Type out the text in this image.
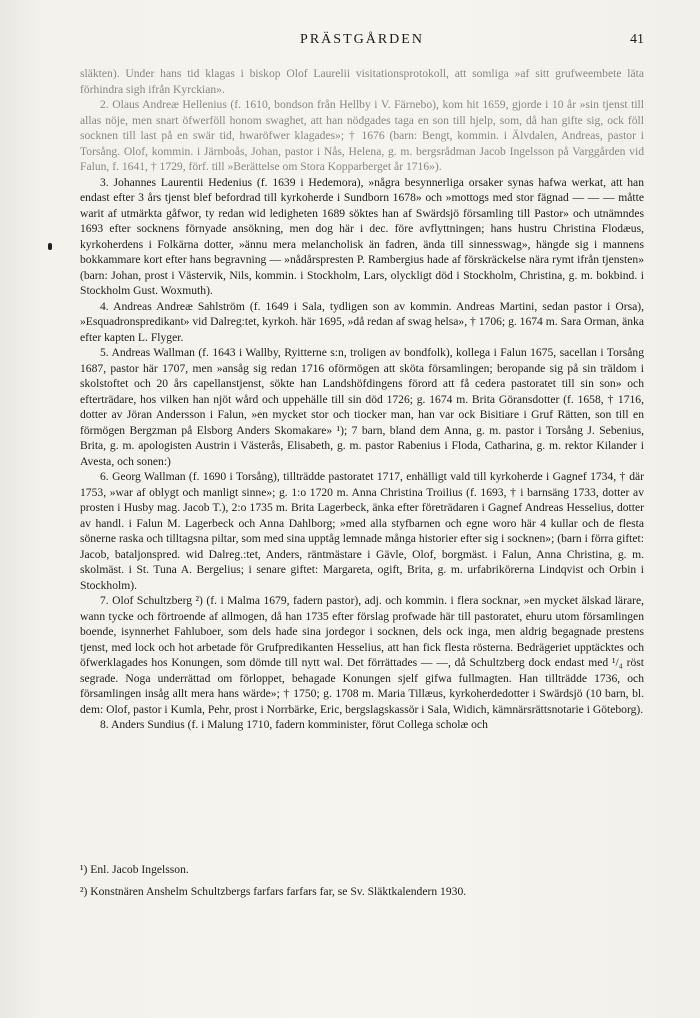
PRÄSTGÅRDEN	41

släkten). Under hans tid klagas i biskop Olof Laurelii visitationsprotokoll, att somliga »af sitt grufweembete läta förhindra sigh ifrån Kyrckian».

2. Olaus Andreæ Hellenius (f. 1610, bondson från Hellby i V. Färnebo), kom hit 1659, gjorde i 10 år »sin tjenst till allas nöje, men snart öfwerföll honom swaghet, att han nödgades taga en son till hjelp, som, då han gifte sig, ock föll socknen till last på en swär tid, hwaröfwer klagades»; † 1676 (barn: Bengt, kommin. i Älvdalen, Andreas, pastor i Torsång. Olof, kommin. i Järnboås, Johan, pastor i Nås, Helena, g. m. bergsrådman Jacob Ingelsson på Varggården vid Falun, f. 1641, † 1729, förf. till »Berättelse om Stora Kopparberget år 1716»).

3. Johannes Laurentii Hedenius (f. 1639 i Hedemora), »några besynnerliga orsaker synas hafwa werkat, att han endast efter 3 års tjenst blef befordrad till kyrkoherde i Sundborn 1678» och »mottogs med stor fägnad — — — måtte warit af utmärkta gåfwor, ty redan wid ledigheten 1689 söktes han af Swärdsjö församling till Pastor» och utnämndes 1693 efter socknens förnyade ansökning, men dog här i dec. före avflyttningen; hans hustru Christina Flodæus, kyrkoherdens i Folkärna dotter, »ännu mera melancholisk än fadren, ända till sinnesswag», hängde sig i mannens bokkammare kort efter hans begravning — »nådårspresten P. Rambergius hade af förskräckelse nära rymt ifrån tjensten» (barn: Johan, prost i Västervik, Nils, kommin. i Stockholm, Lars, olyckligt död i Stockholm, Christina, g. m. bokbind. i Stockholm Gust. Woxmuth).

4. Andreas Andreæ Sahlström (f. 1649 i Sala, tydligen son av kommin. Andreas Martini, sedan pastor i Orsa), »Esquadronspredikant» vid Dalreg:tet, kyrkoh. här 1695, »då redan af swag helsa», † 1706; g. 1674 m. Sara Orman, änka efter kapten L. Flyger.

5. Andreas Wallman (f. 1643 i Wallby, Ryitterne s:n, troligen av bondfolk), kollega i Falun 1675, sacellan i Torsång 1687, pastor här 1707, men »ansåg sig redan 1716 oförmögen att sköta församlingen; beropande sig på sin träldom i skolstoftet och 20 års capellanstjenst, sökte han Landshöfdingens förord att få cedera pastoratet till sin son» och efterträdare, hos vilken han njöt wård och uppehälle till sin död 1726; g. 1674 m. Brita Göransdotter (f. 1658, † 1716, dotter av Jöran Andersson i Falun, »en mycket stor och tiocker man, han var ock Bisitiare i Gruf Rätten, son till en förmögen Bergzman på Elsborg Anders Skomakare» ¹); 7 barn, bland dem Anna, g. m. pastor i Torsång J. Sebenius, Brita, g. m. apologisten Austrin i Västerås, Elisabeth, g. m. pastor Rabenius i Floda, Catharina, g. m. rektor Kilander i Avesta, och sonen:)

6. Georg Wallman (f. 1690 i Torsång), tillträdde pastoratet 1717, enhälligt vald till kyrkoherde i Gagnef 1734, † där 1753, »war af oblygt och manligt sinne»; g. 1:o 1720 m. Anna Christina Troilius (f. 1693, † i barnsäng 1733, dotter av prosten i Husby mag. Jacob T.), 2:o 1735 m. Brita Lagerbeck, änka efter företrädaren i Gagnef Andreas Hesselius, dotter av handl. i Falun M. Lagerbeck och Anna Dahlborg; »med alla styfbarnen och egne woro här 4 kullar och de flesta sönerne raska och tilltagsna piltar, som med sina upptåg lemnade många historier efter sig i socknen»; (barn i förra giftet: Jacob, bataljonspred. wid Dalreg.:tet, Anders, räntmästare i Gävle, Olof, borgmäst. i Falun, Anna Christina, g. m. skolmäst. i St. Tuna A. Bergelius; i senare giftet: Margareta, ogift, Brita, g. m. urfabrikörerna Lindqvist och Orbin i Stockholm).

7. Olof Schultzberg ²) (f. i Malma 1679, fadern pastor), adj. och kommin. i flera socknar, »en mycket älskad lärare, wann tycke och förtroende af allmogen, då han 1735 efter förslag profwade här till pastoratet, ehuru utom församlingen boende, isynnerhet Fahluboer, som dels hade sina jordegor i socknen, dels ock inga, men aldrig begagnade prestens tjenst, med lock och hot arbetade för Grufpredikanten Hesselius, att han fick flesta rösterna. Bedrägeriet upptäcktes och öfwerklagades hos Konungen, som dömde till nytt wal. Det förrättades — —, då Schultzberg dock endast med ¹/₄ röst segrade. Noga underrättad om förloppet, behagade Konungen sjelf gifwa fullmagten. Han tillträdde 1736, och församlingen insåg allt mera hans wärde»; † 1750; g. 1708 m. Maria Tillæus, kyrkoherdedotter i Swärdsjö (10 barn, bl. dem: Olof, pastor i Kumla, Pehr, prost i Norrbärke, Eric, bergslagskassör i Sala, Widich, kämnärsrättsnotarie i Göteborg).

8. Anders Sundius (f. i Malung 1710, fadern komminister, förut Collega scholæ och

¹) Enl. Jacob Ingelsson.

²) Konstnären Anshelm Schultzbergs farfars farfars far, se Sv. Släktkalendern 1930.
